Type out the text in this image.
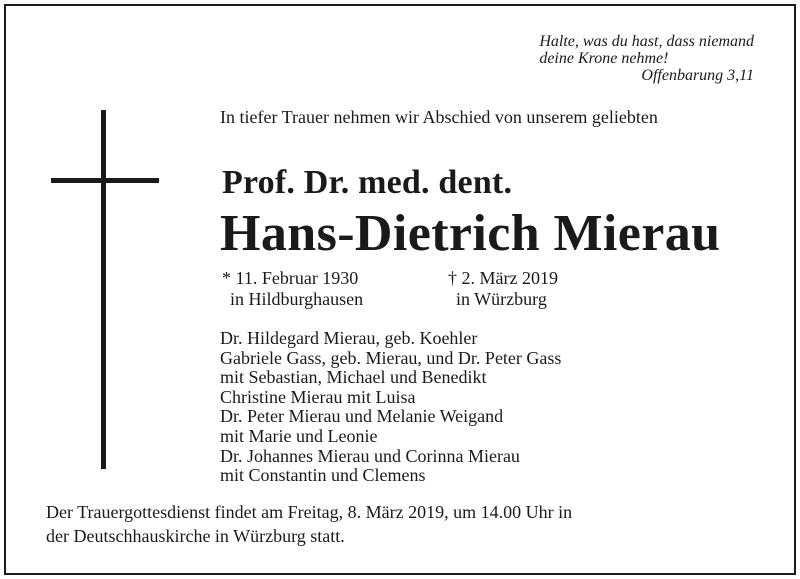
Halte, was du hast, dass niemand
deine Krone nehme!
Offenbarung 3,11
In tiefer Trauer nehmen wir Abschied von unserem geliebten
Prof. Dr. med. dent.
Hans-Dietrich Mierau
* 11. Februar 1930
in Hildburghausen
† 2. März 2019
in Würzburg
Dr. Hildegard Mierau, geb. Koehler
Gabriele Gass, geb. Mierau, und Dr. Peter Gass
mit Sebastian, Michael und Benedikt
Christine Mierau mit Luisa
Dr. Peter Mierau und Melanie Weigand
mit Marie und Leonie
Dr. Johannes Mierau und Corinna Mierau
mit Constantin und Clemens
Der Trauergottesdienst findet am Freitag, 8. März 2019, um 14.00 Uhr in
der Deutschhauskirche in Würzburg statt.
